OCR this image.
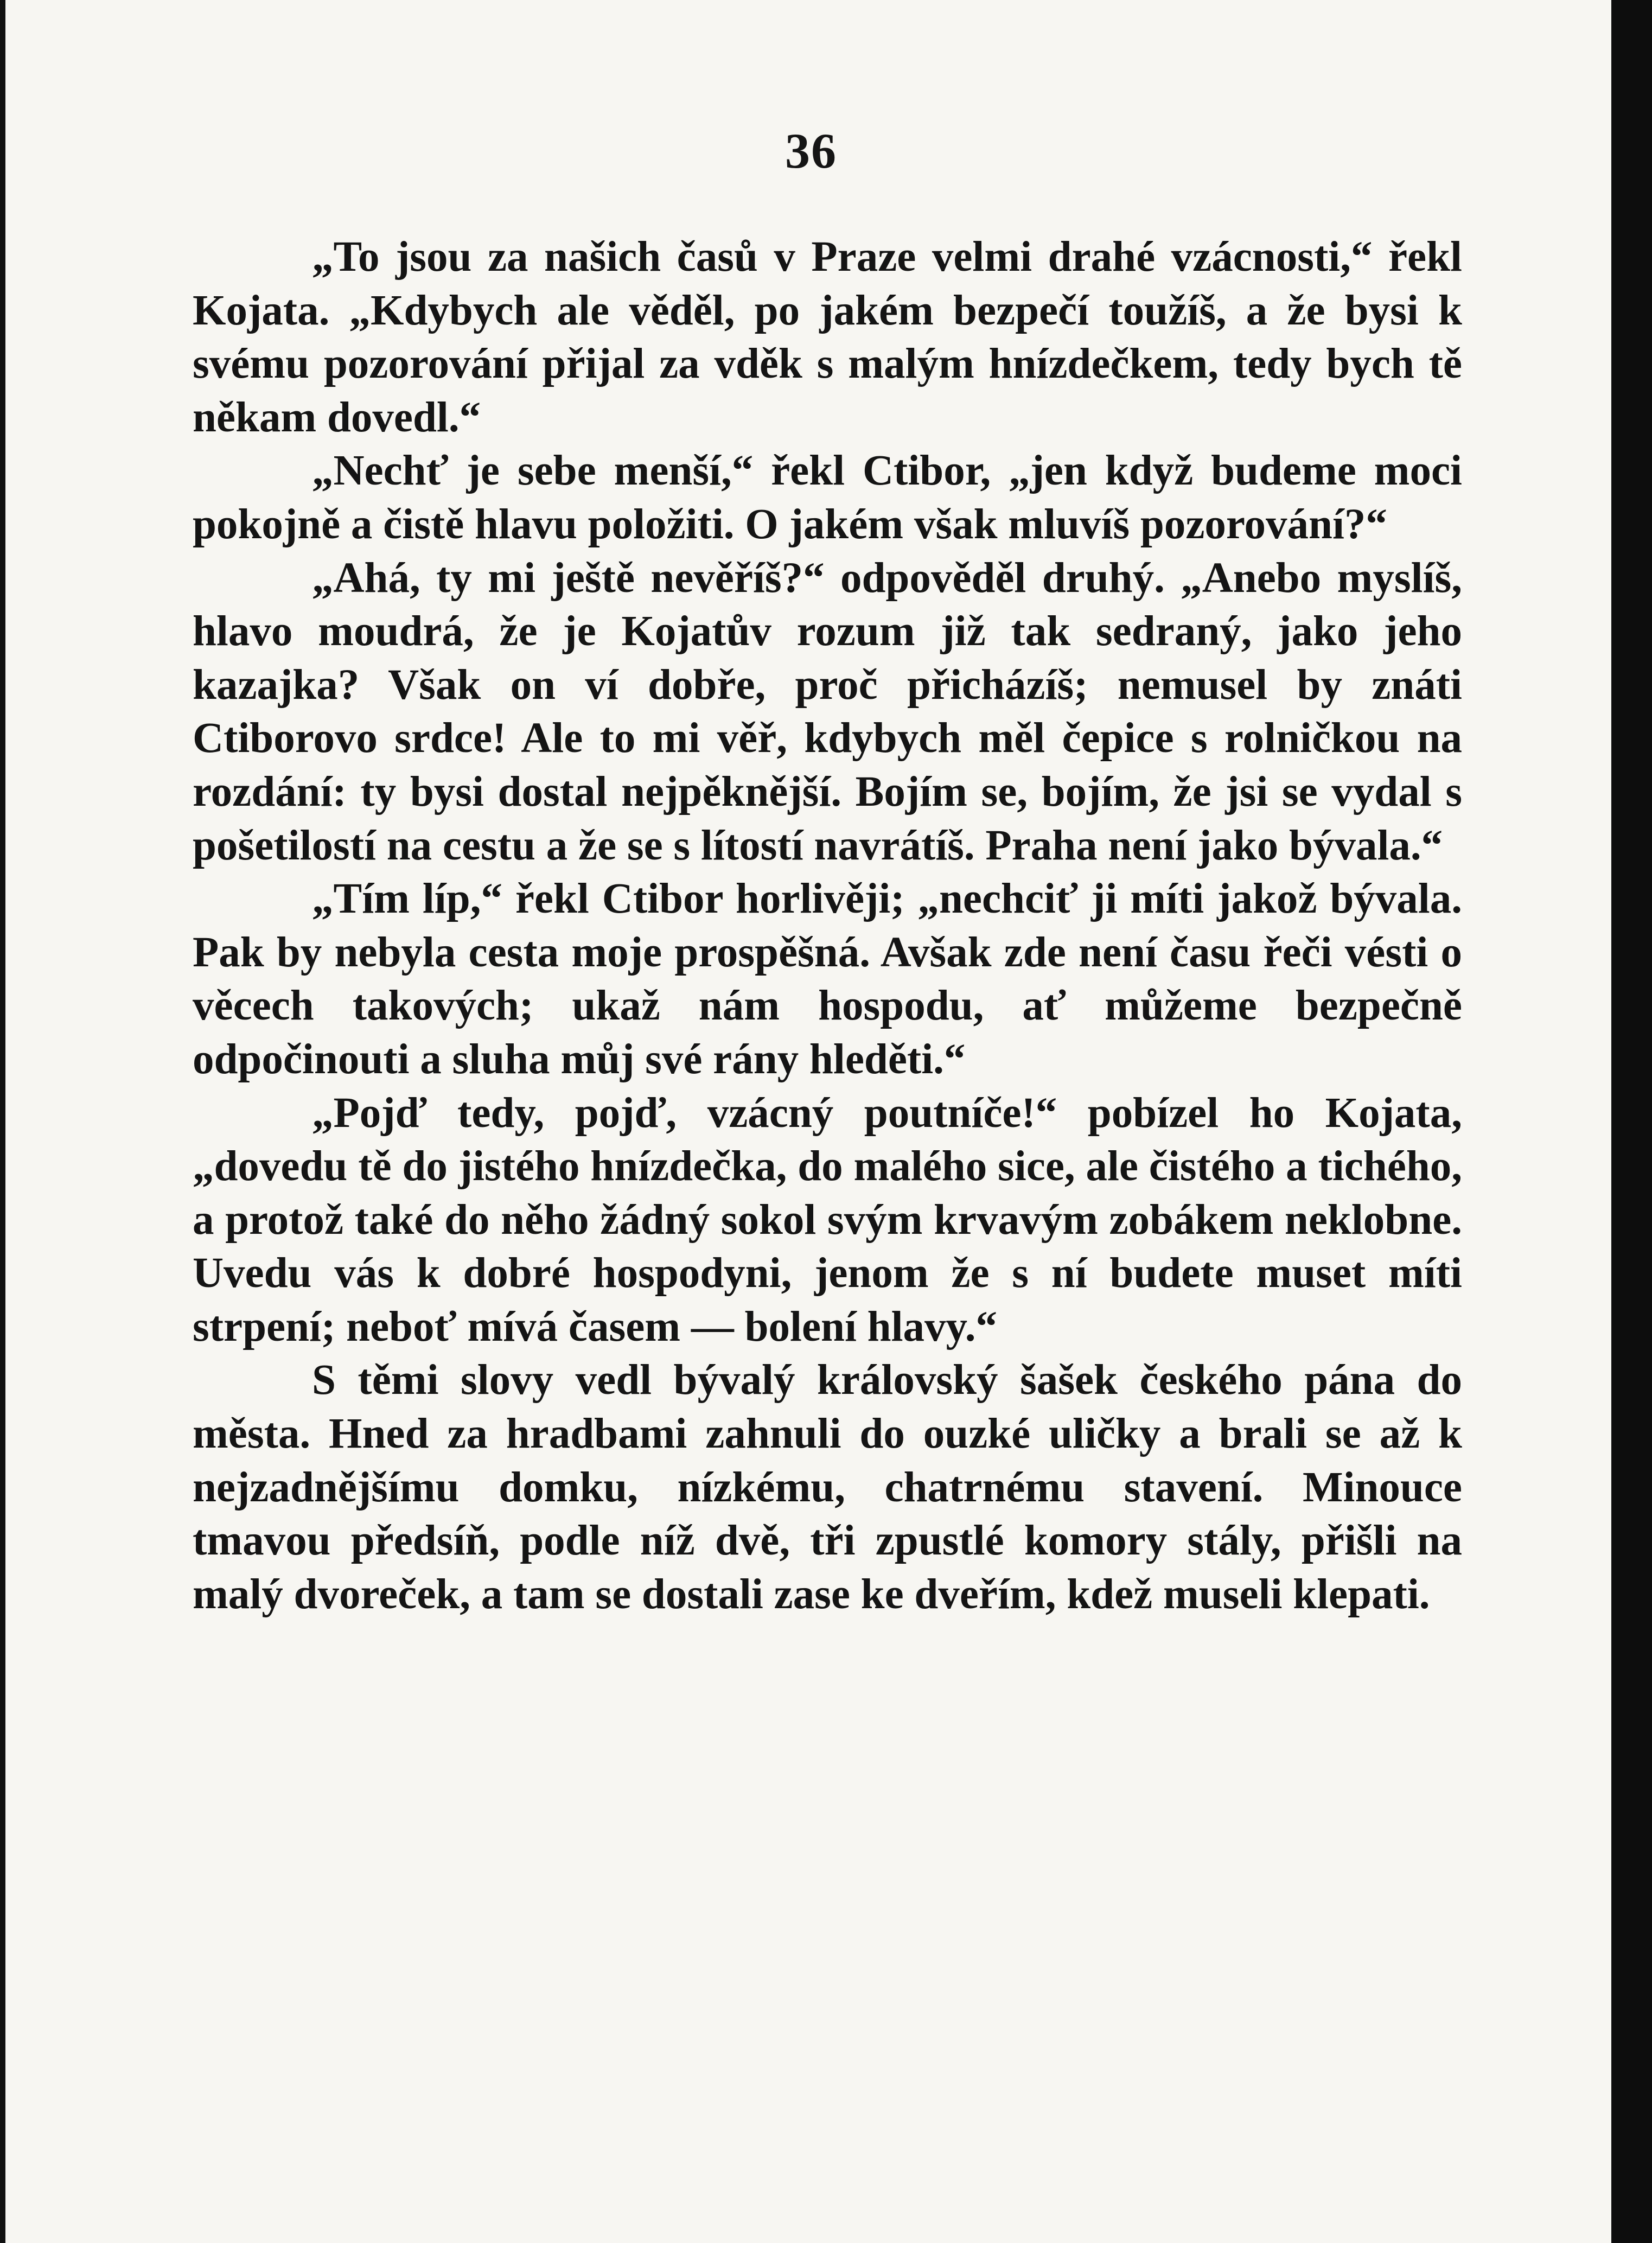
36

„To jsou za našich časů v Praze velmi drahé vzácnosti,“ řekl Kojata. „Kdybych ale věděl, po jakém bezpečí toužíš, a že bysi k svému pozorování přijal za vděk s malým hnízdečkem, tedy bych tě někam dovedl.“

„Nechť je sebe menší,“ řekl Ctibor, „jen když budeme moci pokojně a čistě hlavu položiti. O jakém však mluvíš pozorování?“

„Ahá, ty mi ještě nevěříš?“ odpověděl druhý. „Anebo myslíš, hlavo moudrá, že je Kojatův rozum již tak sedraný, jako jeho kazajka? Však on ví dobře, proč přicházíš; nemusel by znáti Ctiborovo srdce! Ale to mi věř, kdybych měl čepice s rolničkou na rozdání: ty bysi dostal nejpěknější. Bojím se, bojím, že jsi se vydal s pošetilostí na cestu a že se s lítostí navrátíš. Praha není jako bývala.“

„Tím líp,“ řekl Ctibor horlivěji; „nechciť ji míti jakož bývala. Pak by nebyla cesta moje prospěšná. Avšak zde není času řeči vésti o věcech takových; ukaž nám hospodu, ať můžeme bezpečně odpočinouti a sluha můj své rány hleděti.“

„Pojď tedy, pojď, vzácný poutníče!“ pobízel ho Kojata, „dovedu tě do jistého hnízdečka, do malého sice, ale čistého a tichého, a protož také do něho žádný sokol svým krvavým zobákem neklobne. Uvedu vás k dobré hospodyni, jenom že s ní budete muset míti strpení; neboť mívá časem — bolení hlavy.“

S těmi slovy vedl bývalý královský šašek českého pána do města. Hned za hradbami zahnuli do ouzké uličky a brali se až k nejzadnějšímu domku, nízkému, chatrnému stavení. Minouce tmavou předsíň, podle níž dvě, tři zpustlé komory stály, přišli na malý dvoreček, a tam se dostali zase ke dveřím, kdež museli klepati.
